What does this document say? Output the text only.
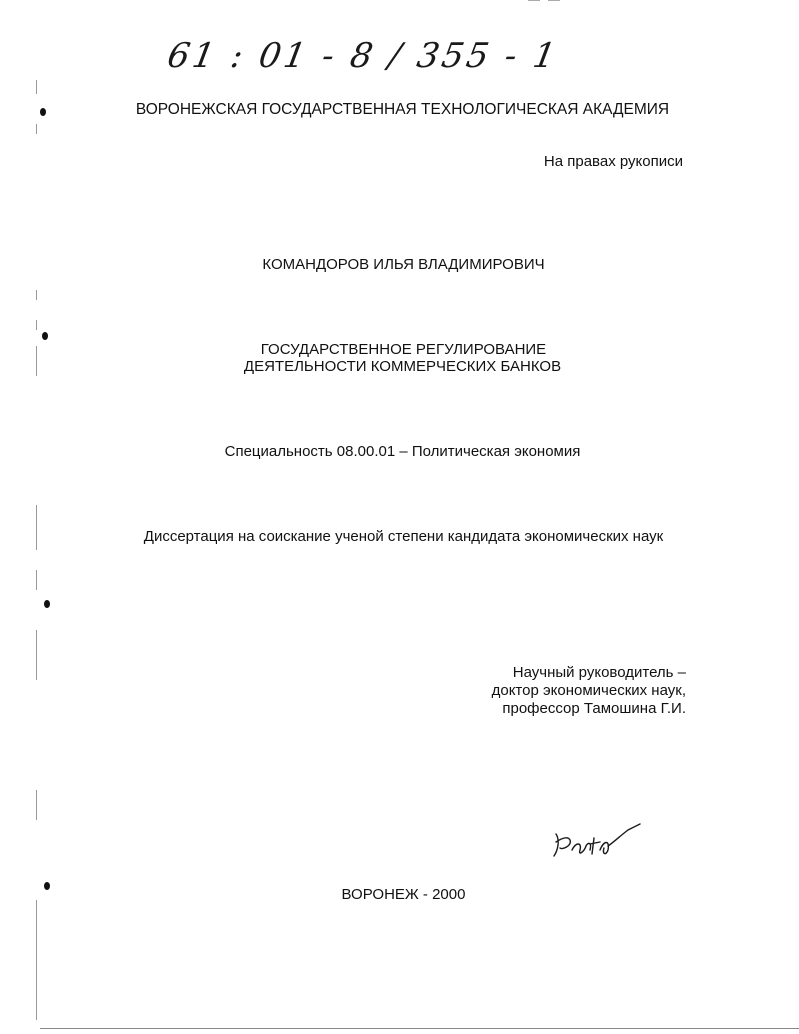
61 : 01 - 8 / 355 - 1
ВОРОНЕЖСКАЯ ГОСУДАРСТВЕННАЯ ТЕХНОЛОГИЧЕСКАЯ АКАДЕМИЯ
На правах рукописи
КОМАНДОРОВ ИЛЬЯ ВЛАДИМИРОВИЧ
ГОСУДАРСТВЕННОЕ РЕГУЛИРОВАНИЕ
ДЕЯТЕЛЬНОСТИ КОММЕРЧЕСКИХ БАНКОВ
Специальность 08.00.01 – Политическая экономия
Диссертация на соискание ученой степени кандидата экономических наук
Научный руководитель –
доктор экономических наук,
профессор Тамошина Г.И.
ВОРОНЕЖ - 2000
